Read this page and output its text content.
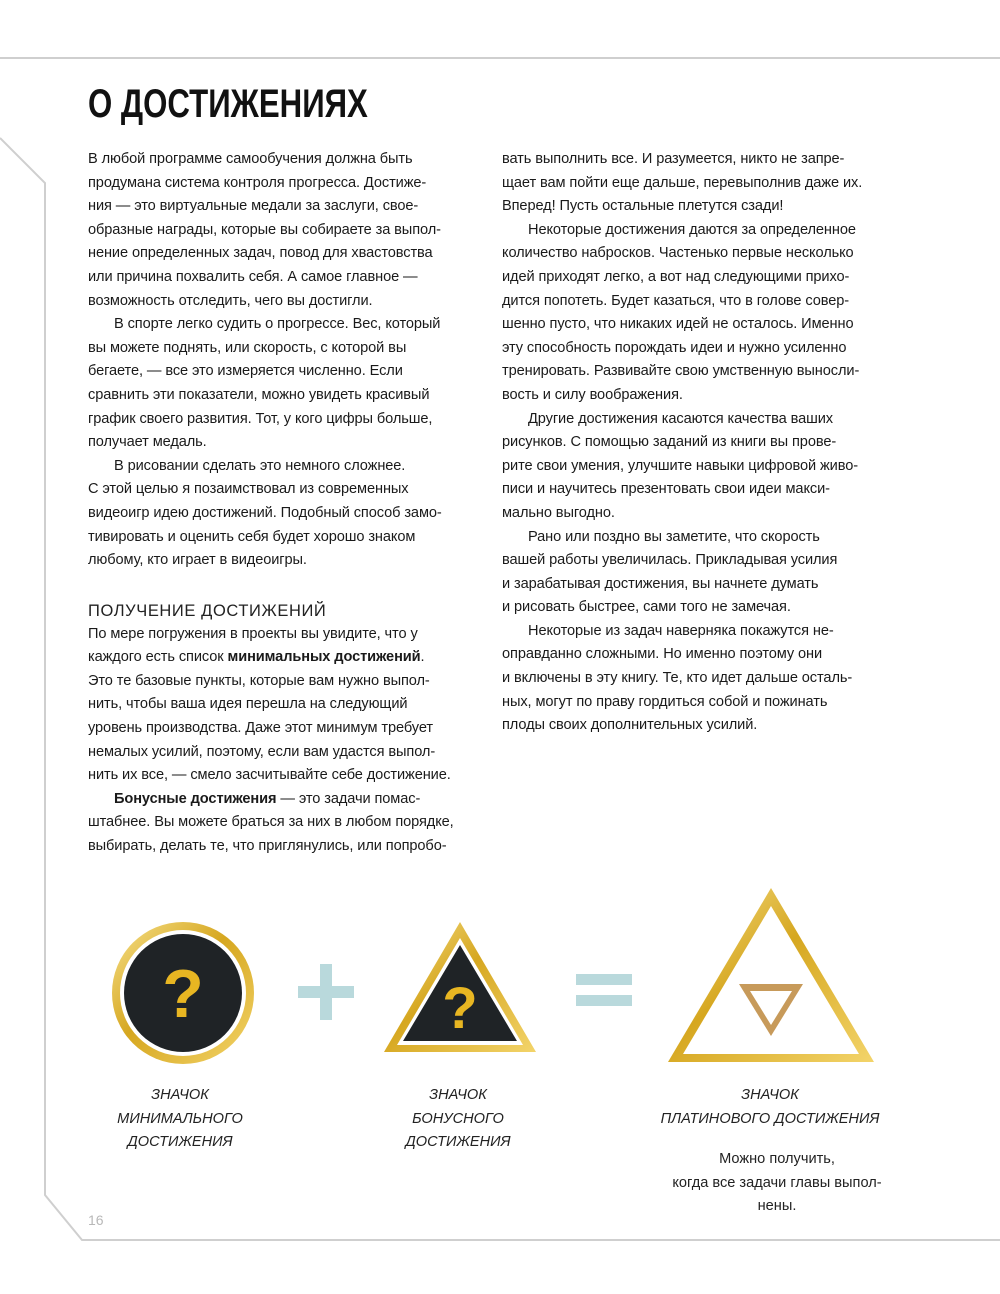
О ДОСТИЖЕНИЯХ

В любой программе самообучения должна быть
продумана система контроля прогресса. Достиже-
ния — это виртуальные медали за заслуги, свое-
образные награды, которые вы собираете за выпол-
нение определенных задач, повод для хвастовства
или причина похвалить себя. А самое главное —
возможность отследить, чего вы достигли.

В спорте легко судить о прогрессе. Вес, который
вы можете поднять, или скорость, с которой вы
бегаете, — все это измеряется численно. Если
сравнить эти показатели, можно увидеть красивый
график своего развития. Тот, у кого цифры больше,
получает медаль.

В рисовании сделать это немного сложнее.
С этой целью я позаимствовал из современных
видеоигр идею достижений. Подобный способ замо-
тивировать и оценить себя будет хорошо знаком
любому, кто играет в видеоигры.

ПОЛУЧЕНИЕ ДОСТИЖЕНИЙ

По мере погружения в проекты вы увидите, что у
каждого есть список минимальных достижений.
Это те базовые пункты, которые вам нужно выпол-
нить, чтобы ваша идея перешла на следующий
уровень производства. Даже этот минимум требует
немалых усилий, поэтому, если вам удастся выпол-
нить их все, — смело засчитывайте себе достижение.

Бонусные достижения — это задачи помас-
штабнее. Вы можете браться за них в любом порядке,
выбирать, делать те, что приглянулись, или попробо-

вать выполнить все. И разумеется, никто не запре-
щает вам пойти еще дальше, перевыполнив даже их.
Вперед! Пусть остальные плетутся сзади!

Некоторые достижения даются за определенное
количество набросков. Частенько первые несколько
идей приходят легко, а вот над следующими прихо-
дится попотеть. Будет казаться, что в голове совер-
шенно пусто, что никаких идей не осталось. Именно
эту способность порождать идеи и нужно усиленно
тренировать. Развивайте свою умственную выносли-
вость и силу воображения.

Другие достижения касаются качества ваших
рисунков. С помощью заданий из книги вы прове-
рите свои умения, улучшите навыки цифровой живо-
писи и научитесь презентовать свои идеи макси-
мально выгодно.

Рано или поздно вы заметите, что скорость
вашей работы увеличилась. Прикладывая усилия
и зарабатывая достижения, вы начнете думать
и рисовать быстрее, сами того не замечая.

Некоторые из задач наверняка покажутся не-
оправданно сложными. Но именно поэтому они
и включены в эту книгу. Те, кто идет дальше осталь-
ных, могут по праву гордиться собой и пожинать
плоды своих дополнительных усилий.

?	?
ЗНАЧОК
МИНИМАЛЬНОГО
ДОСТИЖЕНИЯ
ЗНАЧОК
БОНУСНОГО
ДОСТИЖЕНИЯ
ЗНАЧОК
ПЛАТИНОВОГО ДОСТИЖЕНИЯ
Можно получить,
когда все задачи главы выпол-
нены.
16
